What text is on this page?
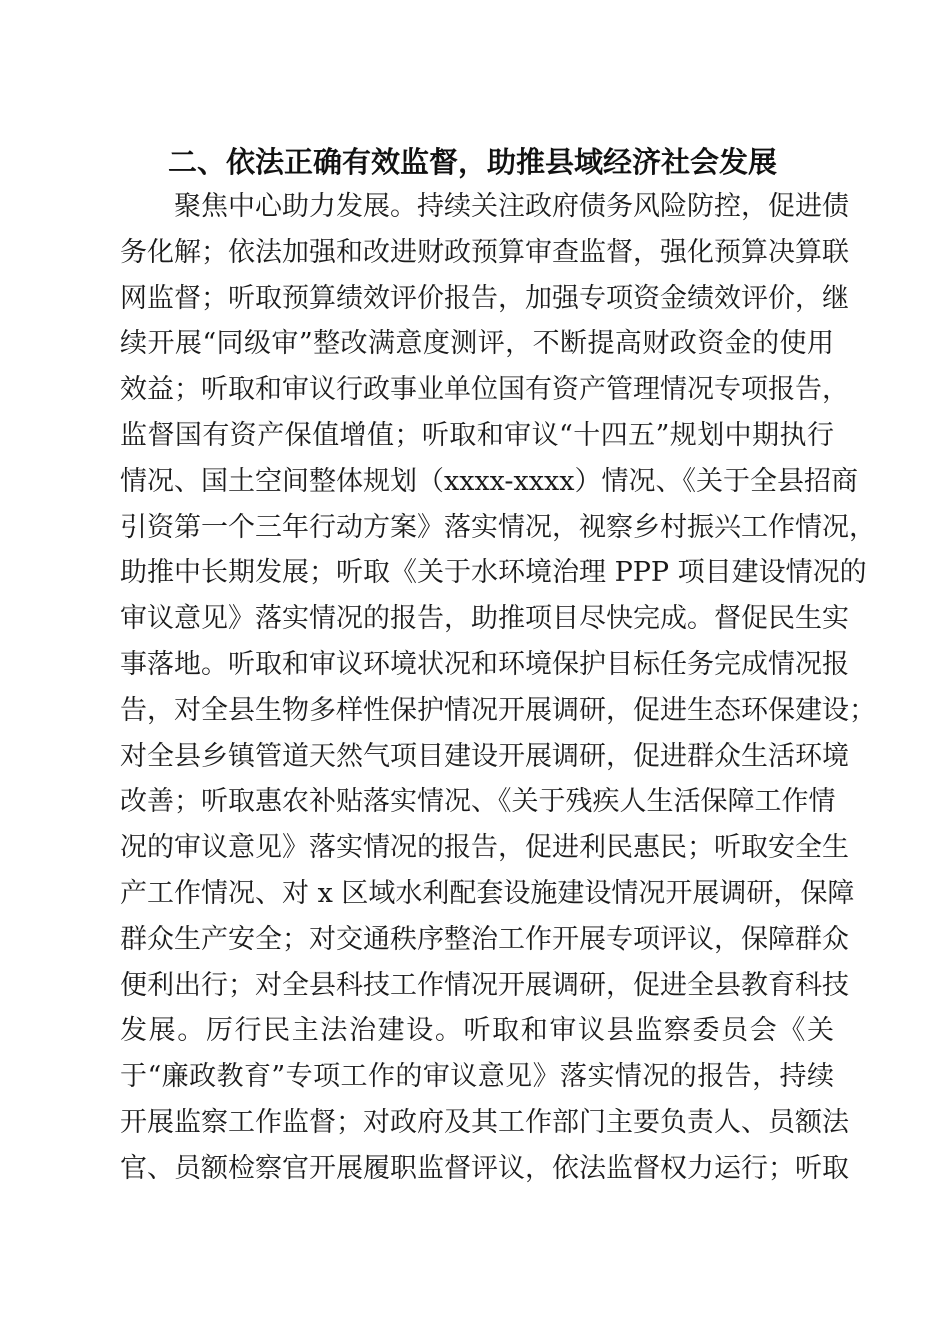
二、依法正确有效监督，助推县域经济社会发展
聚焦中心助力发展。持续关注政府债务风险防控，促进债
务化解；依法加强和改进财政预算审查监督，强化预算决算联
网监督；听取预算绩效评价报告，加强专项资金绩效评价，继
续开展“同级审”整改满意度测评，不断提高财政资金的使用
效益；听取和审议行政事业单位国有资产管理情况专项报告，
监督国有资产保值增值；听取和审议“十四五”规划中期执行
情况、国土空间整体规划（xxxx-xxxx）情况、《关于全县招商
引资第一个三年行动方案》落实情况，视察乡村振兴工作情况，
助推中长期发展；听取《关于水环境治理 PPP 项目建设情况的
审议意见》落实情况的报告，助推项目尽快完成。督促民生实
事落地。听取和审议环境状况和环境保护目标任务完成情况报
告，对全县生物多样性保护情况开展调研，促进生态环保建设；
对全县乡镇管道天然气项目建设开展调研，促进群众生活环境
改善；听取惠农补贴落实情况、《关于残疾人生活保障工作情
况的审议意见》落实情况的报告，促进利民惠民；听取安全生
产工作情况、对 x 区域水利配套设施建设情况开展调研，保障
群众生产安全；对交通秩序整治工作开展专项评议，保障群众
便利出行；对全县科技工作情况开展调研，促进全县教育科技
发展。厉行民主法治建设。听取和审议县监察委员会《关
于“廉政教育”专项工作的审议意见》落实情况的报告，持续
开展监察工作监督；对政府及其工作部门主要负责人、员额法
官、员额检察官开展履职监督评议，依法监督权力运行；听取
